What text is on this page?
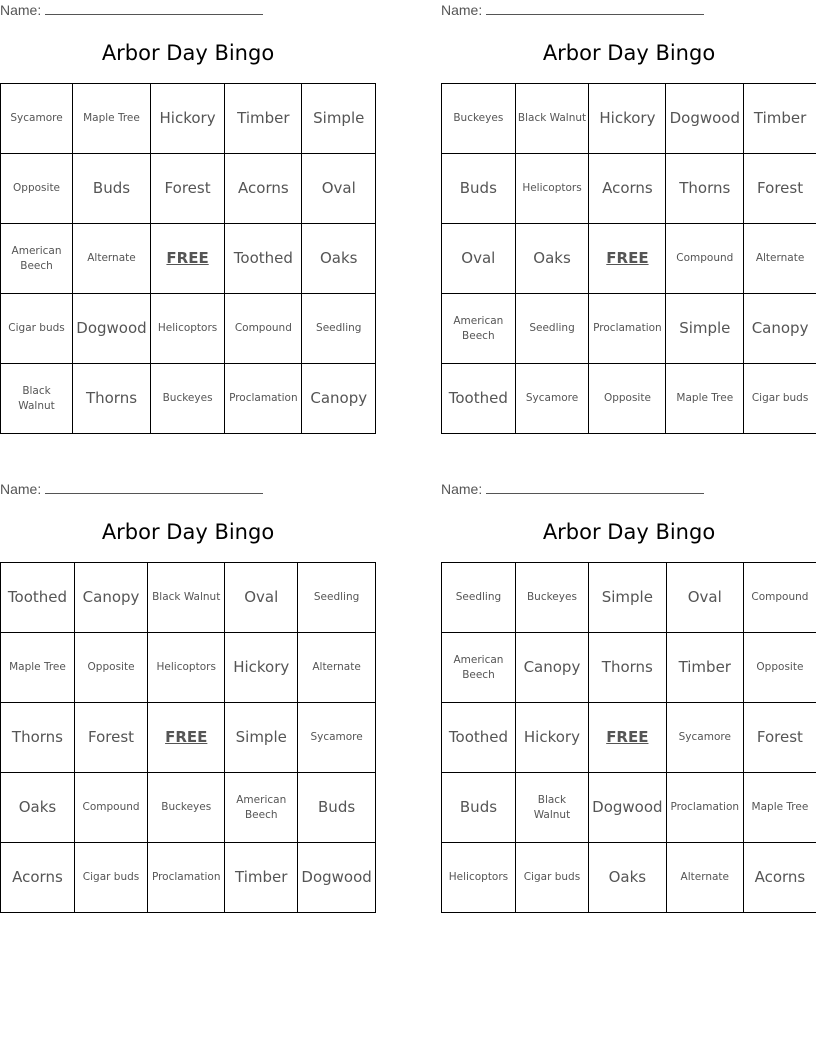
Name:
Arbor Day Bingo
Sycamore	Maple Tree	Hickory	Timber	Simple
Opposite	Buds	Forest	Acorns	Oval
American Beech	Alternate	FREE	Toothed	Oaks
Cigar buds	Dogwood	Helicoptors	Compound	Seedling
Black Walnut	Thorns	Buckeyes	Proclamation	Canopy
Name:
Arbor Day Bingo
Buckeyes	Black Walnut	Hickory	Dogwood	Timber
Buds	Helicoptors	Acorns	Thorns	Forest
Oval	Oaks	FREE	Compound	Alternate
American Beech	Seedling	Proclamation	Simple	Canopy
Toothed	Sycamore	Opposite	Maple Tree	Cigar buds
Name:
Arbor Day Bingo
Toothed	Canopy	Black Walnut	Oval	Seedling
Maple Tree	Opposite	Helicoptors	Hickory	Alternate
Thorns	Forest	FREE	Simple	Sycamore
Oaks	Compound	Buckeyes	American Beech	Buds
Acorns	Cigar buds	Proclamation	Timber	Dogwood
Name:
Arbor Day Bingo
Seedling	Buckeyes	Simple	Oval	Compound
American Beech	Canopy	Thorns	Timber	Opposite
Toothed	Hickory	FREE	Sycamore	Forest
Buds	Black Walnut	Dogwood	Proclamation	Maple Tree
Helicoptors	Cigar buds	Oaks	Alternate	Acorns
